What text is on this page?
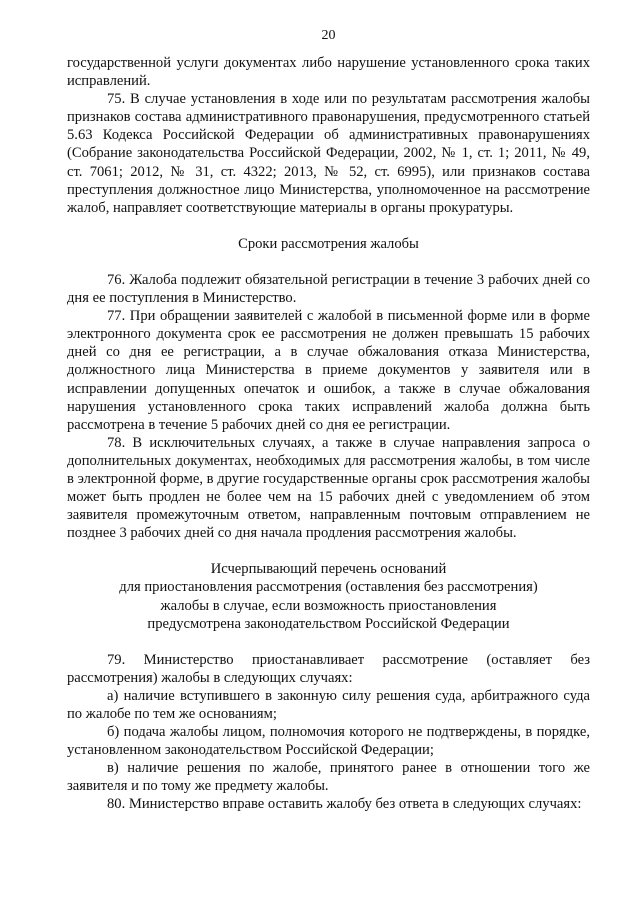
20

государственной услуги документах либо нарушение установленного срока таких исправлений.

75. В случае установления в ходе или по результатам рассмотрения жалобы признаков состава административного правонарушения, предусмотренного статьей 5.63 Кодекса Российской Федерации об административных правонарушениях (Собрание законодательства Российской Федерации, 2002, № 1, ст. 1; 2011, № 49, ст. 7061; 2012, № 31, ст. 4322; 2013, № 52, ст. 6995), или признаков состава преступления должностное лицо Министерства, уполномоченное на рассмотрение жалоб, направляет соответствующие материалы в органы прокуратуры.

Сроки рассмотрения жалобы

76. Жалоба подлежит обязательной регистрации в течение 3 рабочих дней со дня ее поступления в Министерство.

77. При обращении заявителей с жалобой в письменной форме или в форме электронного документа срок ее рассмотрения не должен превышать 15 рабочих дней со дня ее регистрации, а в случае обжалования отказа Министерства, должностного лица Министерства в приеме документов у заявителя или в исправлении допущенных опечаток и ошибок, а также в случае обжалования нарушения установленного срока таких исправлений жалоба должна быть рассмотрена в течение 5 рабочих дней со дня ее регистрации.

78. В исключительных случаях, а также в случае направления запроса о дополнительных документах, необходимых для рассмотрения жалобы, в том числе в электронной форме, в другие государственные органы срок рассмотрения жалобы может быть продлен не более чем на 15 рабочих дней с уведомлением об этом заявителя промежуточным ответом, направленным почтовым отправлением не позднее 3 рабочих дней со дня начала продления рассмотрения жалобы.

Исчерпывающий перечень оснований
для приостановления рассмотрения (оставления без рассмотрения)
жалобы в случае, если возможность приостановления
предусмотрена законодательством Российской Федерации

79. Министерство приостанавливает рассмотрение (оставляет без рассмотрения) жалобы в следующих случаях:

а) наличие вступившего в законную силу решения суда, арбитражного суда по жалобе по тем же основаниям;

б) подача жалобы лицом, полномочия которого не подтверждены, в порядке, установленном законодательством Российской Федерации;

в) наличие решения по жалобе, принятого ранее в отношении того же заявителя и по тому же предмету жалобы.

80. Министерство вправе оставить жалобу без ответа в следующих случаях:
